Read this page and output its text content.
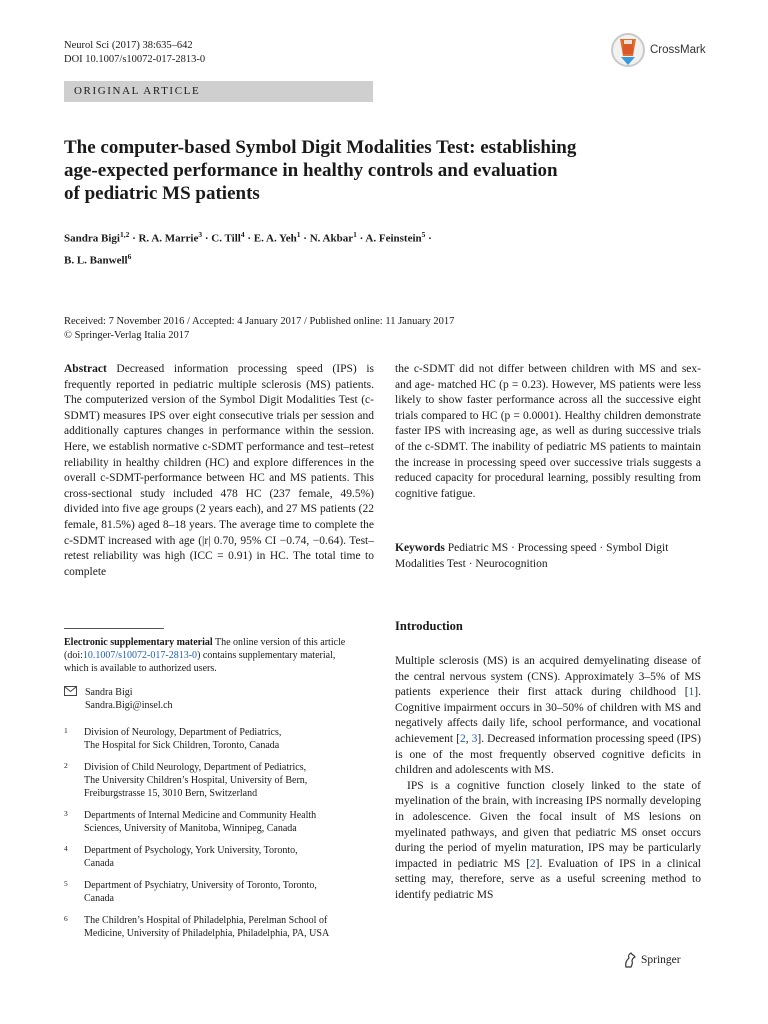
Neurol Sci (2017) 38:635–642
DOI 10.1007/s10072-017-2813-0
CrossMark
ORIGINAL ARTICLE
The computer-based Symbol Digit Modalities Test: establishing
age-expected performance in healthy controls and evaluation
of pediatric MS patients
Sandra Bigi$^{1,2}$ · R. A. Marrie$^3$ · C. Till$^4$ · E. A. Yeh$^1$ · N. Akbar$^1$ · A. Feinstein$^5$ ·
B. L. Banwell$^6$
Received: 7 November 2016 / Accepted: 4 January 2017 / Published online: 11 January 2017
© Springer-Verlag Italia 2017
Abstract Decreased information processing speed (IPS) is frequently reported in pediatric multiple sclerosis (MS) patients. The computerized version of the Symbol Digit Modalities Test (c-SDMT) measures IPS over eight consecutive trials per session and additionally captures changes in performance within the session. Here, we establish normative c-SDMT performance and test–retest reliability in healthy children (HC) and explore differences in the overall c-SDMT-performance between HC and MS patients. This cross-sectional study included 478 HC (237 female, 49.5%) divided into five age groups (2 years each), and 27 MS patients (22 female, 81.5%) aged 8–18 years. The average time to complete the c-SDMT increased with age (|r| 0.70, 95% CI −0.74, −0.64). Test–retest reliability was high (ICC = 0.91) in HC. The total time to complete
the c-SDMT did not differ between children with MS and sex- and age- matched HC (p = 0.23). However, MS patients were less likely to show faster performance across all the successive eight trials compared to HC (p = 0.0001). Healthy children demonstrate faster IPS with increasing age, as well as during successive trials of the c-SDMT. The inability of pediatric MS patients to maintain the increase in processing speed over successive trials suggests a reduced capacity for procedural learning, possibly resulting from cognitive fatigue.
Keywords Pediatric MS · Processing speed · Symbol Digit Modalities Test · Neurocognition
Introduction
Multiple sclerosis (MS) is an acquired demyelinating disease of the central nervous system (CNS). Approximately 3–5% of MS patients experience their first attack during childhood [1]. Cognitive impairment occurs in 30–50% of children with MS and negatively affects daily life, school performance, and vocational achievement [2, 3]. Decreased information processing speed (IPS) is one of the most frequently observed cognitive deficits in children and adolescents with MS.
IPS is a cognitive function closely linked to the state of myelination of the brain, with increasing IPS normally developing in adolescence. Given the focal insult of MS lesions on myelinated pathways, and given that pediatric MS onset occurs during the period of myelin maturation, IPS may be particularly impacted in pediatric MS [2]. Evaluation of IPS in a clinical setting may, therefore, serve as a useful screening method to identify pediatric MS
Electronic supplementary material The online version of this article (doi:10.1007/s10072-017-2813-0) contains supplementary material, which is available to authorized users.
Sandra Bigi
Sandra.Bigi@insel.ch
1	Division of Neurology, Department of Pediatrics,
The Hospital for Sick Children, Toronto, Canada
2	Division of Child Neurology, Department of Pediatrics,
The University Children’s Hospital, University of Bern,
Freiburgstrasse 15, 3010 Bern, Switzerland
3	Departments of Internal Medicine and Community Health
Sciences, University of Manitoba, Winnipeg, Canada
4	Department of Psychology, York University, Toronto,
Canada
5	Department of Psychiatry, University of Toronto, Toronto,
Canada
6	The Children’s Hospital of Philadelphia, Perelman School of
Medicine, University of Philadelphia, Philadelphia, PA, USA
Springer
